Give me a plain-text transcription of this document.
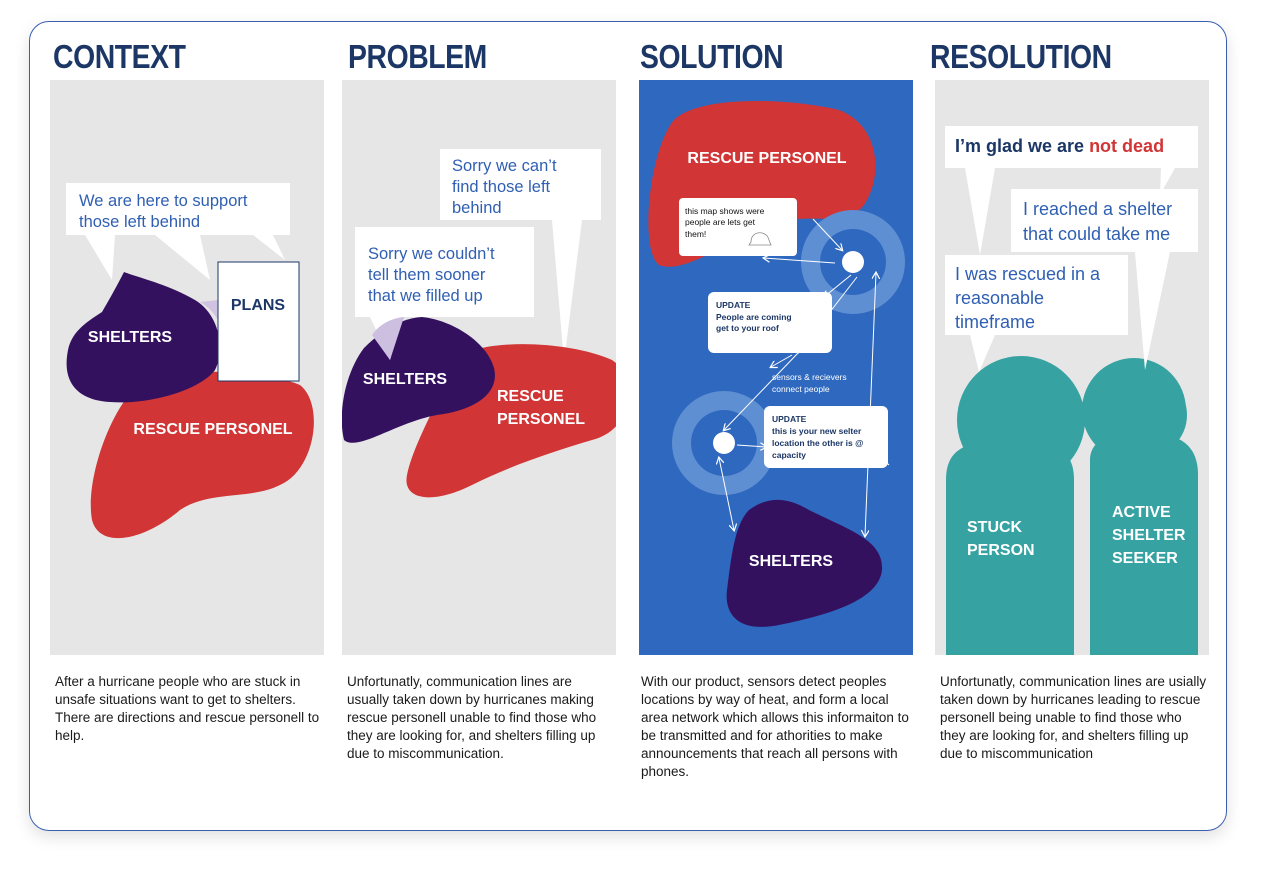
CONTEXT	PROBLEM	SOLUTION	RESOLUTION
We are here to support
those left behind
PLANS
SHELTERS
RESCUE PERSONEL
Sorry we can’t
find those left
behind
Sorry we couldn’t
tell them sooner
that we filled up
SHELTERS
RESCUE
PERSONEL
RESCUE PERSONEL
this map shows were
people are lets get
them!
SHELTERS
UPDATE
People are coming
get to your roof
sensors & recievers
connect people
UPDATE
this is your new selter
location the other is @
capacity
I’m glad we are not dead
I reached a shelter
that could take me
I was rescued in a
reasonable
timeframe
STUCK
PERSON
ACTIVE
SHELTER
SEEKER
After a hurricane people who are stuck in unsafe situations want to get to shelters. There are directions and rescue personell to help.
Unfortunatly, communication lines are usually taken down by hurricanes making rescue personell unable to find those who they are looking for, and shelters filling up due to miscommunication.
With our product, sensors detect peoples locations by way of heat, and form a local area network which allows this informaiton to be transmitted and for athorities to make announcements that reach all persons with phones.
Unfortunatly, communication lines are usially taken down by hurricanes leading to rescue personell being unable to find those who they are looking for, and shelters filling up due to miscommunication
